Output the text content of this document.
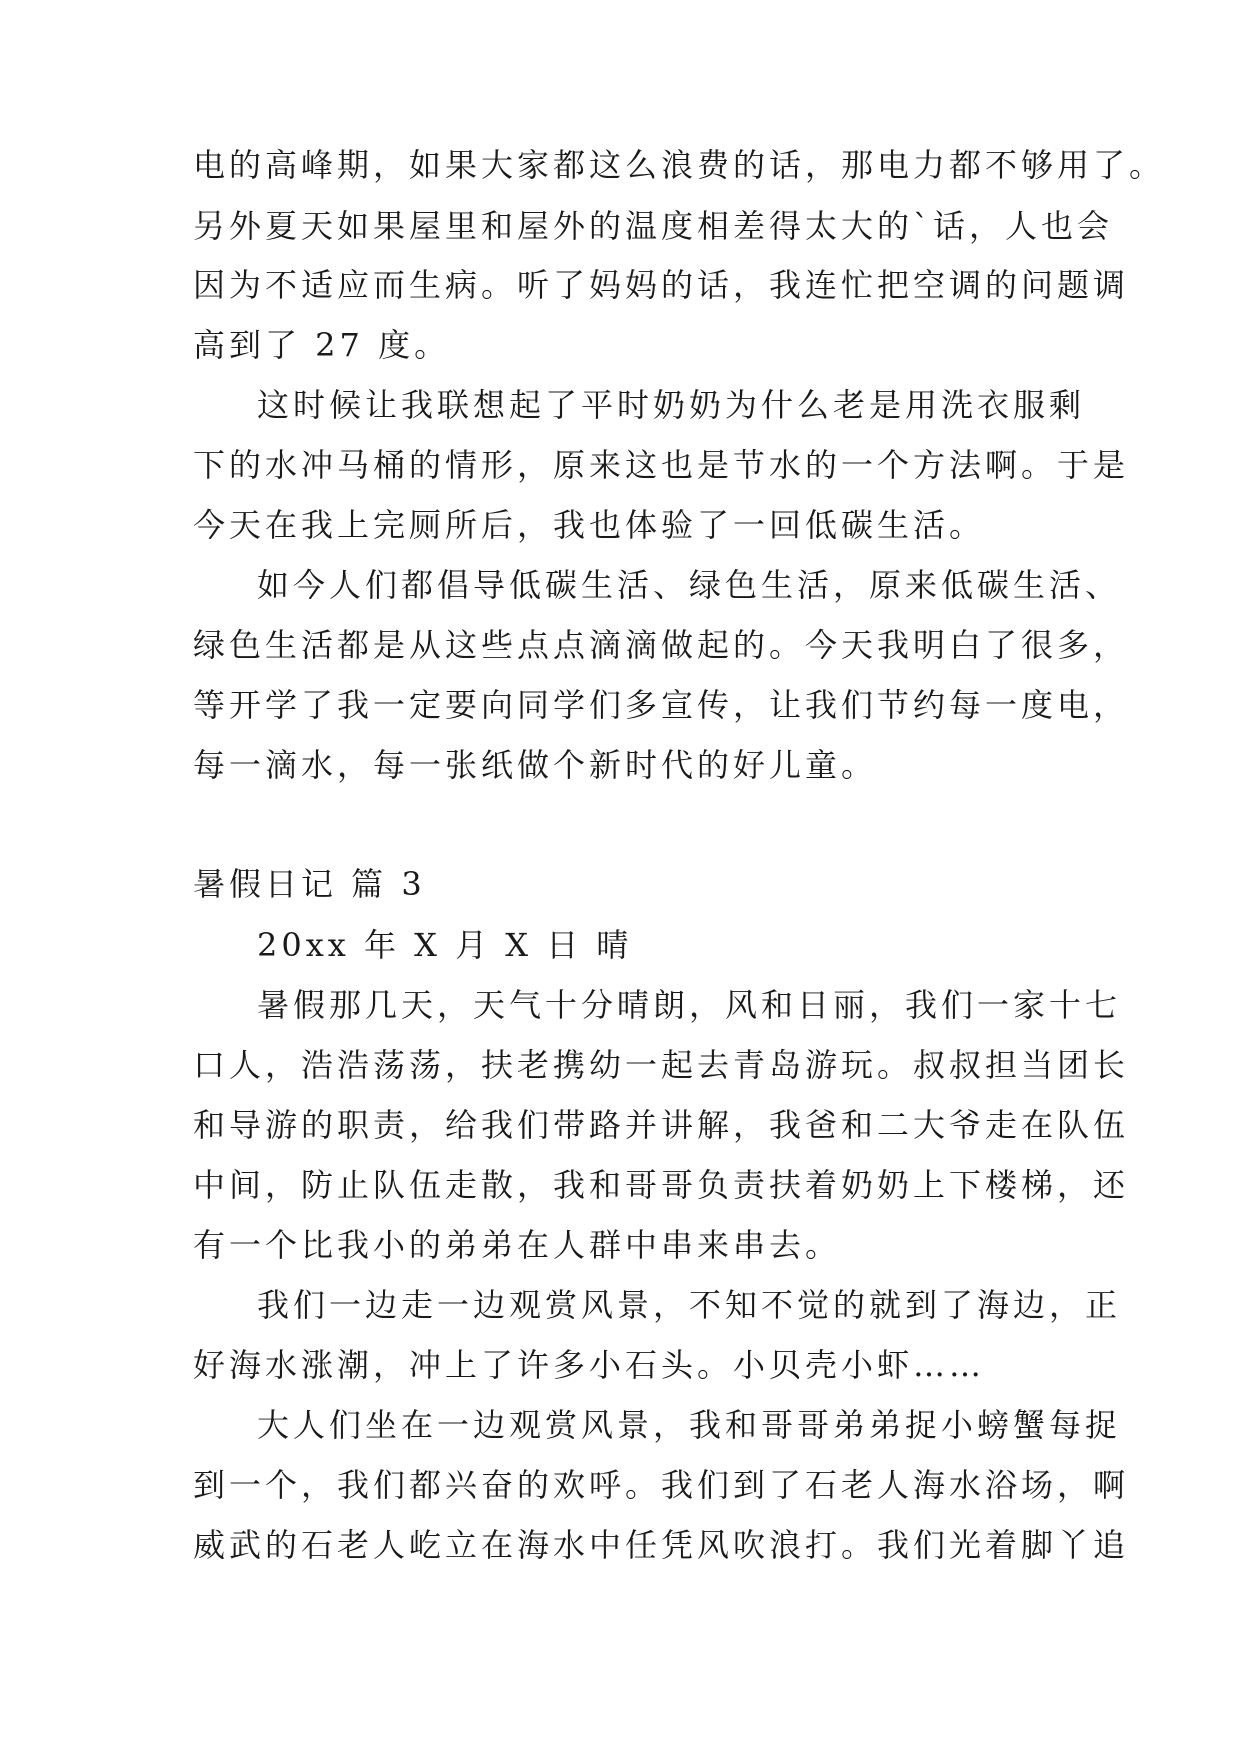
电的高峰期，如果大家都这么浪费的话，那电力都不够用了。
另外夏天如果屋里和屋外的温度相差得太大的`话，人也会
因为不适应而生病。听了妈妈的话，我连忙把空调的问题调
高到了 27 度。
这时候让我联想起了平时奶奶为什么老是用洗衣服剩
下的水冲马桶的情形，原来这也是节水的一个方法啊。于是
今天在我上完厕所后，我也体验了一回低碳生活。
如今人们都倡导低碳生活、绿色生活，原来低碳生活、
绿色生活都是从这些点点滴滴做起的。今天我明白了很多，
等开学了我一定要向同学们多宣传，让我们节约每一度电，
每一滴水，每一张纸做个新时代的好儿童。
暑假日记 篇 3
20xx 年 X 月 X 日 晴
暑假那几天，天气十分晴朗，风和日丽，我们一家十七
口人，浩浩荡荡，扶老携幼一起去青岛游玩。叔叔担当团长
和导游的职责，给我们带路并讲解，我爸和二大爷走在队伍
中间，防止队伍走散，我和哥哥负责扶着奶奶上下楼梯，还
有一个比我小的弟弟在人群中串来串去。
我们一边走一边观赏风景，不知不觉的就到了海边，正
好海水涨潮，冲上了许多小石头。小贝壳小虾……
大人们坐在一边观赏风景，我和哥哥弟弟捉小螃蟹每捉
到一个，我们都兴奋的欢呼。我们到了石老人海水浴场，啊
威武的石老人屹立在海水中任凭风吹浪打。我们光着脚丫追
